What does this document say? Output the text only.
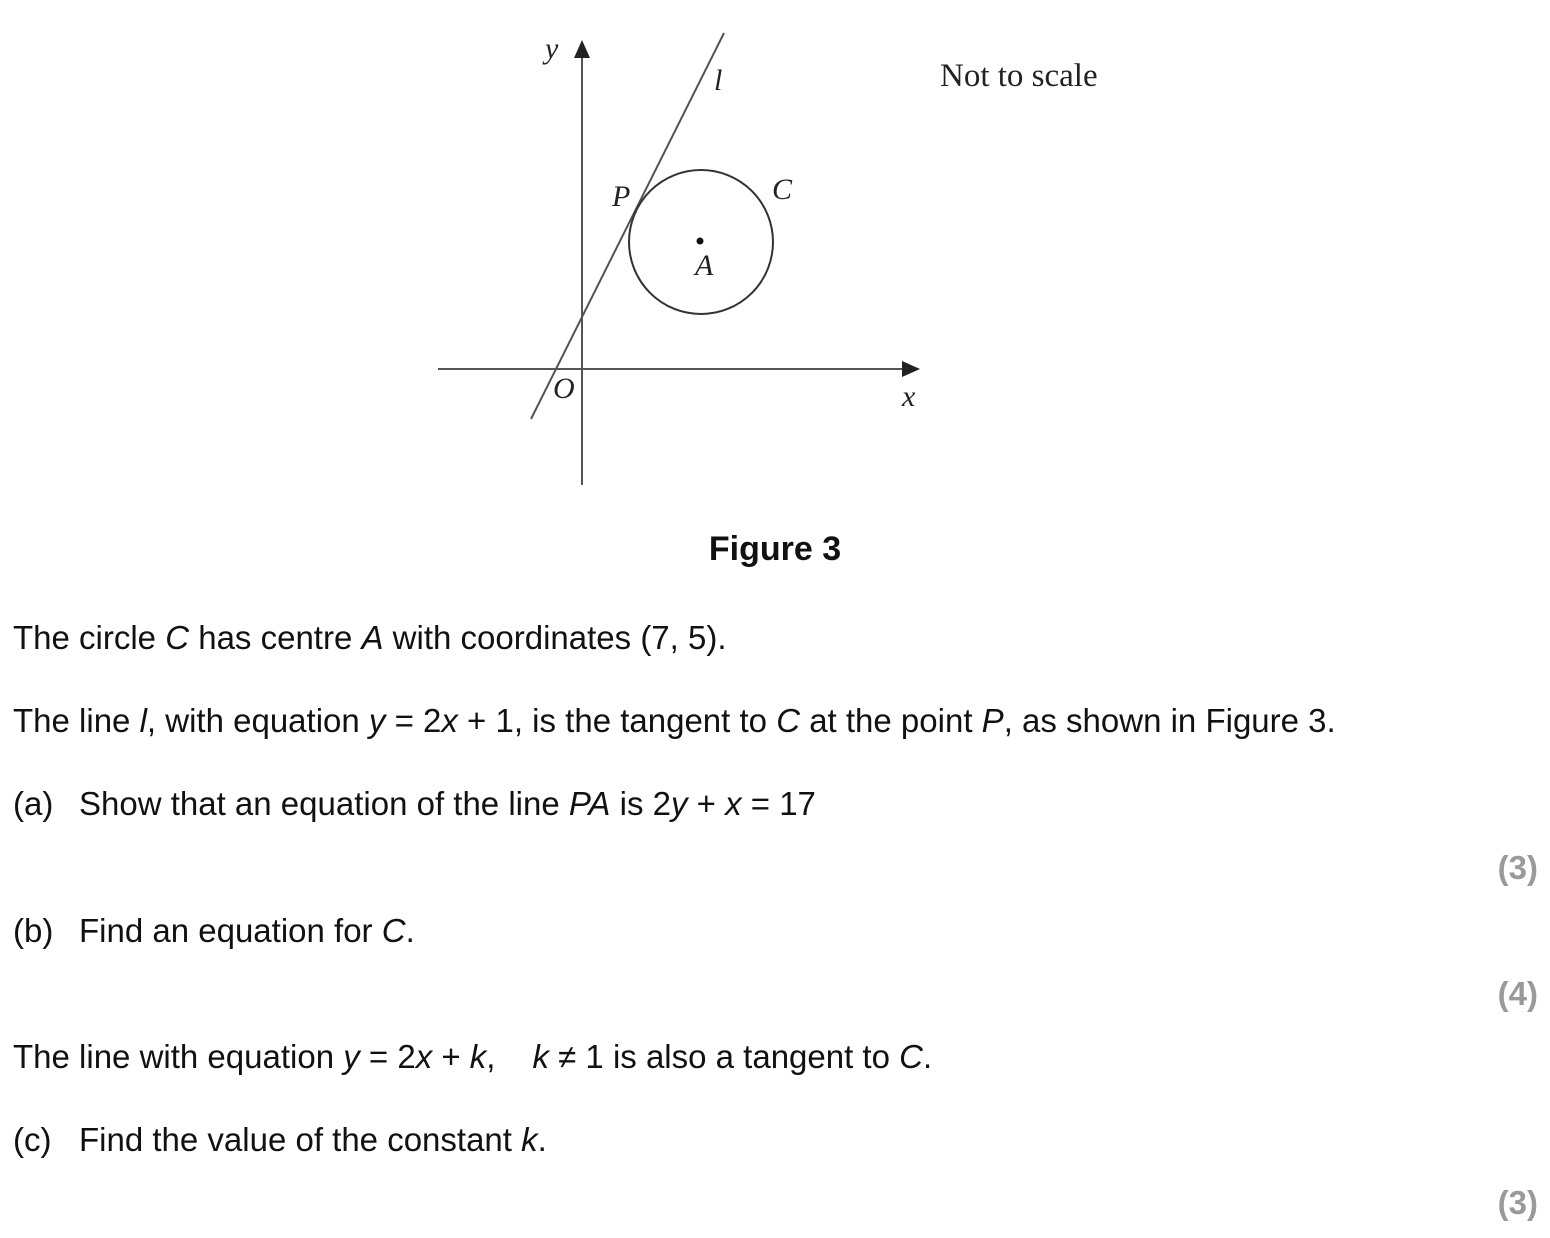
y
x
O
l
P	C
A
Not to scale
Figure 3
The circle C has centre A with coordinates (7, 5).
The line l, with equation y = 2x + 1, is the tangent to C at the point P, as shown in Figure 3.
(a) Show that an equation of the line PA is 2y + x = 17
(3)
(b) Find an equation for C.
(4)
The line with equation y = 2x + k, k ≠ 1 is also a tangent to C.
(c) Find the value of the constant k.
(3)
